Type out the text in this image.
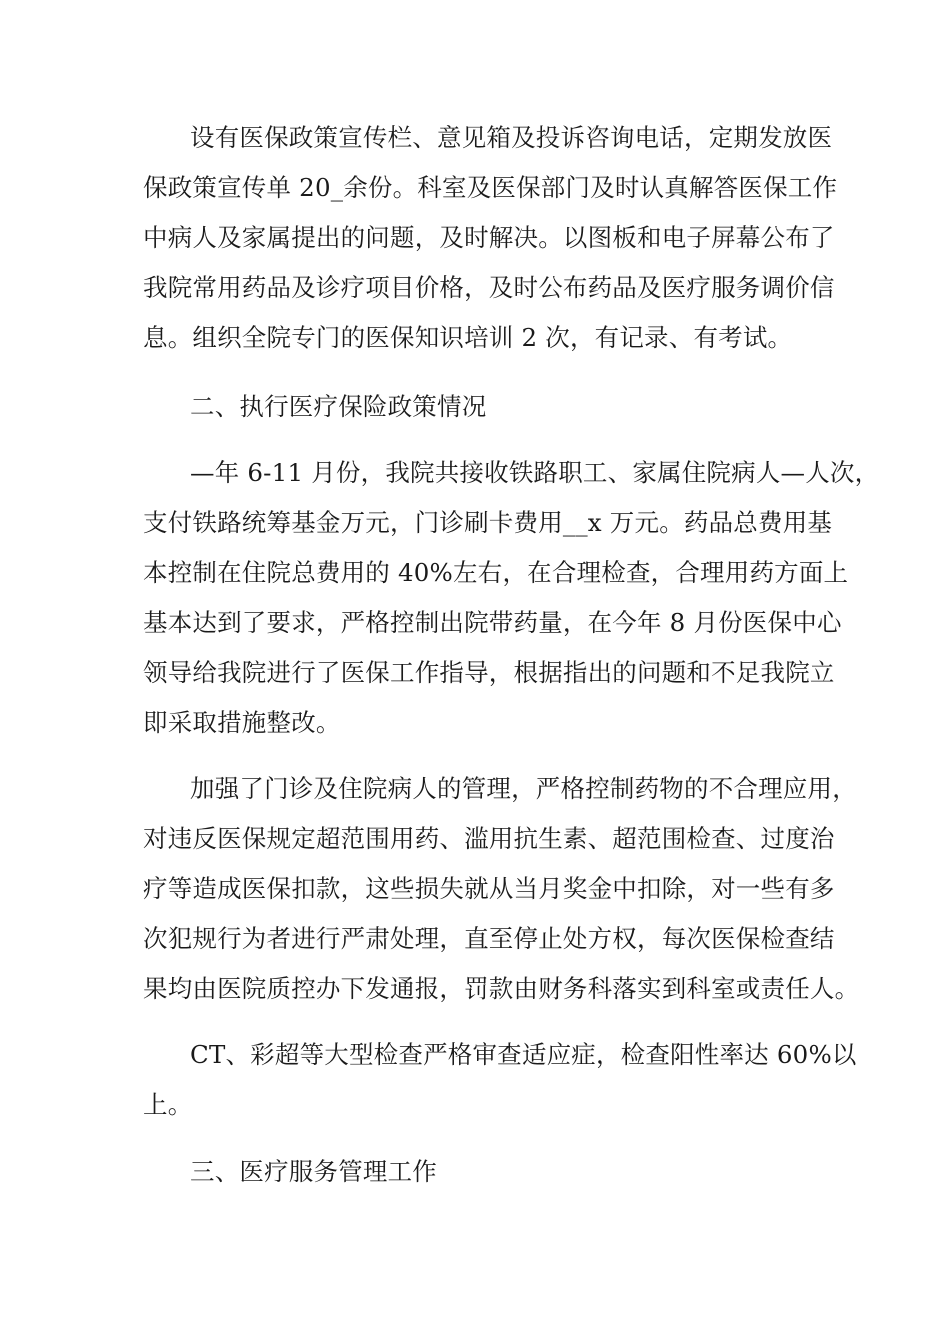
设有医保政策宣传栏、意见箱及投诉咨询电话，定期发放医
保政策宣传单 20_余份。科室及医保部门及时认真解答医保工作
中病人及家属提出的问题，及时解决。以图板和电子屏幕公布了
我院常用药品及诊疗项目价格，及时公布药品及医疗服务调价信
息。组织全院专门的医保知识培训 2 次，有记录、有考试。
二、执行医疗保险政策情况
—年 6-11 月份，我院共接收铁路职工、家属住院病人—人次，
支付铁路统筹基金万元，门诊刷卡费用__x 万元。药品总费用基
本控制在住院总费用的 40%左右，在合理检查，合理用药方面上
基本达到了要求，严格控制出院带药量，在今年 8 月份医保中心
领导给我院进行了医保工作指导，根据指出的问题和不足我院立
即采取措施整改。
加强了门诊及住院病人的管理，严格控制药物的不合理应用，
对违反医保规定超范围用药、滥用抗生素、超范围检查、过度治
疗等造成医保扣款，这些损失就从当月奖金中扣除，对一些有多
次犯规行为者进行严肃处理，直至停止处方权，每次医保检查结
果均由医院质控办下发通报，罚款由财务科落实到科室或责任人。
CT、彩超等大型检查严格审查适应症，检查阳性率达 60%以
上。
三、医疗服务管理工作
